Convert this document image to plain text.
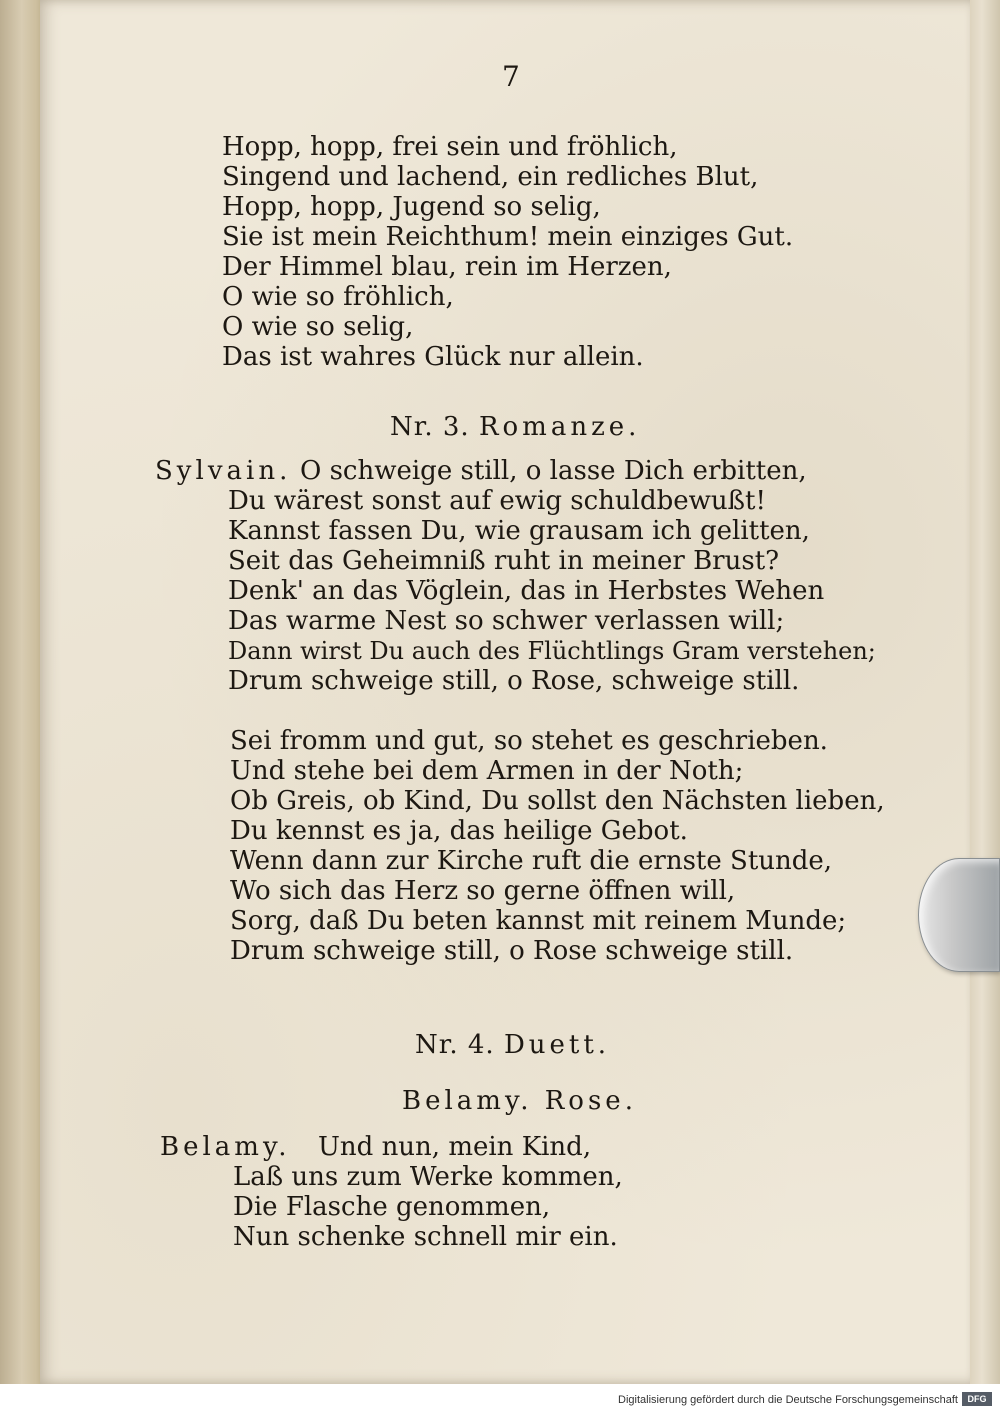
7
Hopp, hopp, frei sein und fröhlich,
Singend und lachend, ein redliches Blut,
Hopp, hopp, Jugend so selig,
Sie ist mein Reichthum! mein einziges Gut.
Der Himmel blau, rein im Herzen,
O wie so fröhlich,
O wie so selig,
Das ist wahres Glück nur allein.
Nr. 3. Romanze.
Sylvain. O schweige still, o lasse Dich erbitten,
Du wärest sonst auf ewig schuldbewußt!
Kannst fassen Du, wie grausam ich gelitten,
Seit das Geheimniß ruht in meiner Brust?
Denk' an das Vöglein, das in Herbstes Wehen
Das warme Nest so schwer verlassen will;
Dann wirst Du auch des Flüchtlings Gram verstehen;
Drum schweige still, o Rose, schweige still.
Sei fromm und gut, so stehet es geschrieben.
Und stehe bei dem Armen in der Noth;
Ob Greis, ob Kind, Du sollst den Nächsten lieben,
Du kennst es ja, das heilige Gebot.
Wenn dann zur Kirche ruft die ernste Stunde,
Wo sich das Herz so gerne öffnen will,
Sorg, daß Du beten kannst mit reinem Munde;
Drum schweige still, o Rose schweige still.
Nr. 4. Duett.
Belamy. Rose.
Belamy. Und nun, mein Kind,
Laß uns zum Werke kommen,
Die Flasche genommen,
Nun schenke schnell mir ein.
Digitalisierung gefördert durch die Deutsche Forschungsgemeinschaft	DFG
